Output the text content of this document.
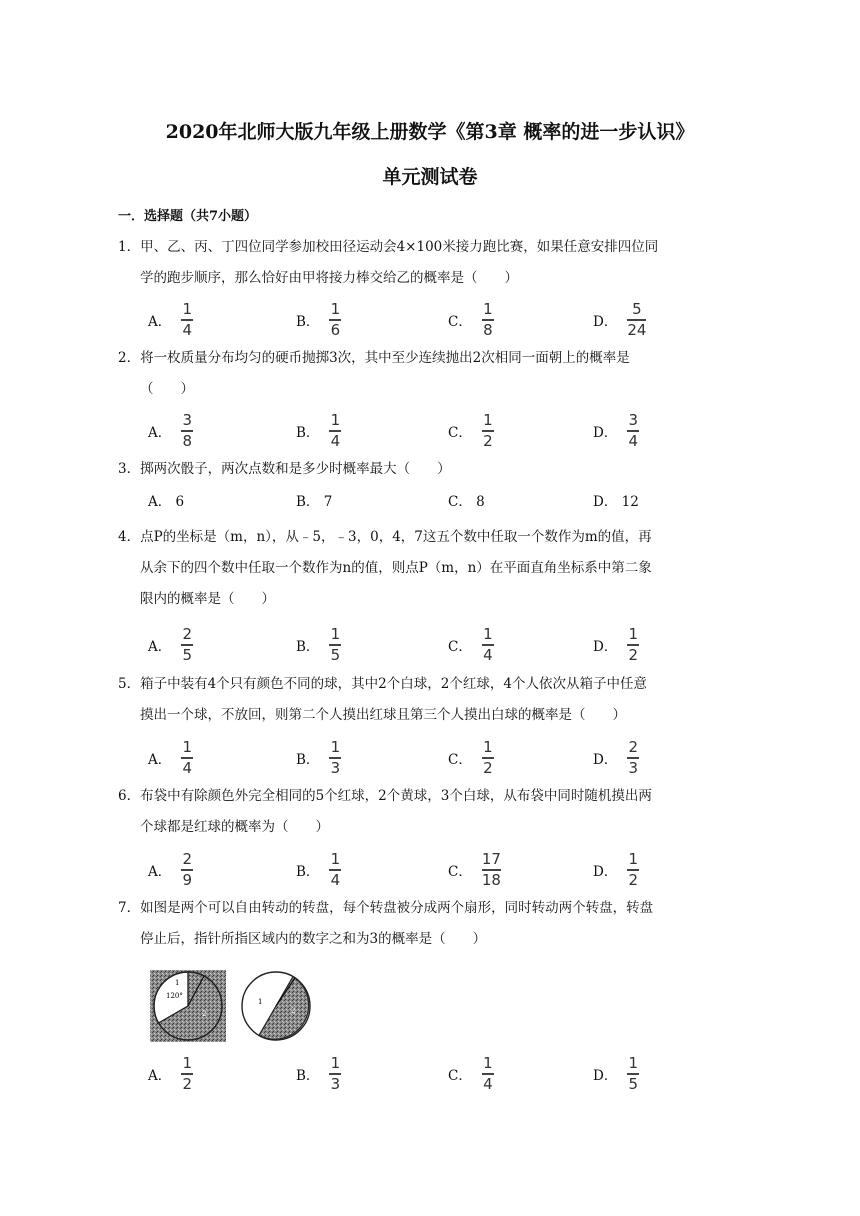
2020年北师大版九年级上册数学《第3章 概率的进一步认识》
单元测试卷
一．选择题（共7小题）
1．甲、乙、丙、丁四位同学参加校田径运动会4×100米接力跑比赛，如果任意安排四位同
学的跑步顺序，那么恰好由甲将接力棒交给乙的概率是（　　）
A． $\frac{1}{4}$	B． $\frac{1}{6}$	C． $\frac{1}{8}$	D． $\frac{5}{24}$
2．将一枚质量分布均匀的硬币抛掷3次，其中至少连续抛出2次相同一面朝上的概率是
（　　）
A． $\frac{3}{8}$	B． $\frac{1}{4}$	C． $\frac{1}{2}$	D． $\frac{3}{4}$
3．掷两次骰子，两次点数和是多少时概率最大（　　）
A． 6	B． 7	C． 8	D． 12
4．点P的坐标是（m，n），从﹣5，﹣3，0，4，7这五个数中任取一个数作为m的值，再
从余下的四个数中任取一个数作为n的值，则点P（m，n）在平面直角坐标系中第二象
限内的概率是（　　）
A． $\frac{2}{5}$	B． $\frac{1}{5}$	C． $\frac{1}{4}$	D． $\frac{1}{2}$
5．箱子中装有4个只有颜色不同的球，其中2个白球，2个红球，4个人依次从箱子中任意
摸出一个球，不放回，则第二个人摸出红球且第三个人摸出白球的概率是（　　）
A． $\frac{1}{4}$	B． $\frac{1}{3}$	C． $\frac{1}{2}$	D． $\frac{2}{3}$
6．布袋中有除颜色外完全相同的5个红球，2个黄球，3个白球，从布袋中同时随机摸出两
个球都是红球的概率为（　　）
A． $\frac{2}{9}$	B． $\frac{1}{4}$	C． $\frac{17}{18}$	D． $\frac{1}{2}$
7．如图是两个可以自由转动的转盘，每个转盘被分成两个扇形，同时转动两个转盘，转盘
停止后，指针所指区域内的数字之和为3的概率是（　　）
1
120°
2
1
2
A． $\frac{1}{2}$	B． $\frac{1}{3}$	C． $\frac{1}{4}$	D． $\frac{1}{5}$
